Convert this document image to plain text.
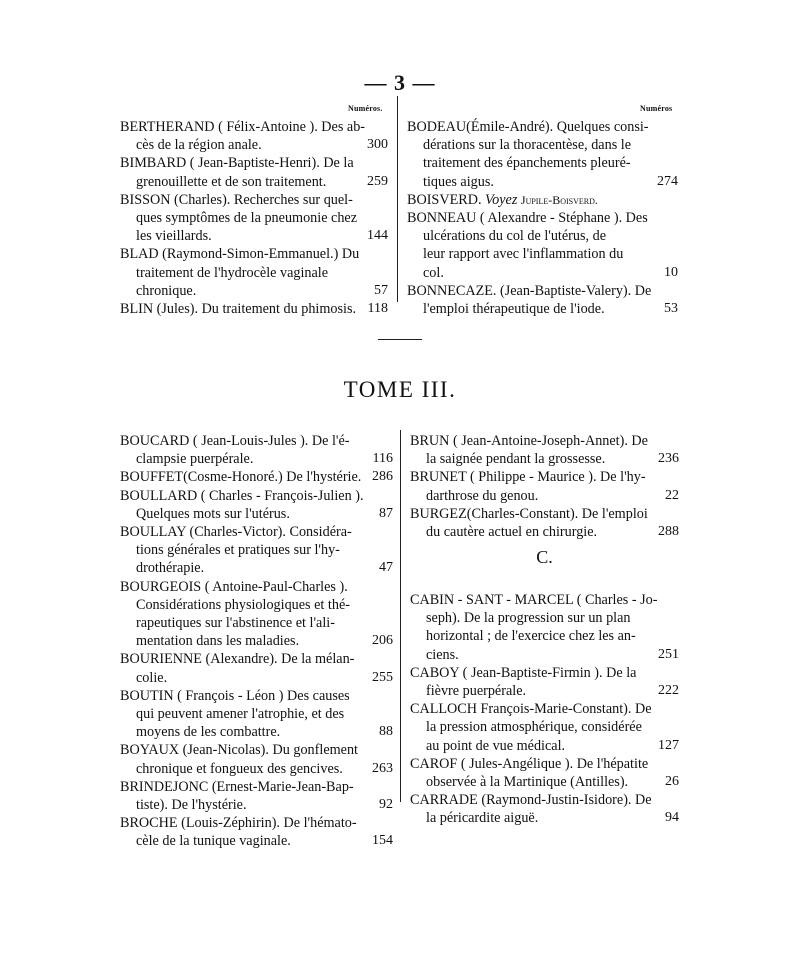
— 3 —
Numéros.	Numéros
BERTHERAND ( Félix-Antoine ). Des ab-
cès de la région anale.	300
BIMBARD ( Jean-Baptiste-Henri). De la
grenouillette et de son traitement.	259
BISSON (Charles). Recherches sur quel-
ques symptômes de la pneumonie chez
les vieillards.	144
BLAD (Raymond-Simon-Emmanuel.) Du
traitement de l'hydrocèle vaginale
chronique.	57
BLIN (Jules). Du traitement du phimosis. 118
BODEAU(Émile-André). Quelques consi-
dérations sur la thoracentèse, dans le
traitement des épanchements pleuré-
tiques aigus.	274
BOISVERD. Voyez Jupile-Boisverd.
BONNEAU ( Alexandre - Stéphane ). Des
ulcérations du col de l'utérus, de
leur rapport avec l'inflammation du
col.	10
BONNECAZE. (Jean-Baptiste-Valery). De
l'emploi thérapeutique de l'iode.	53
TOME III.
BOUCARD ( Jean-Louis-Jules ). De l'é-
clampsie puerpérale.	116
BOUFFET(Cosme-Honoré.) De l'hystérie. 286
BOULLARD ( Charles - François-Julien ).
Quelques mots sur l'utérus.	87
BOULLAY (Charles-Victor). Considéra-
tions générales et pratiques sur l'hy-
drothérapie.	47
BOURGEOIS ( Antoine-Paul-Charles ).
Considérations physiologiques et thé-
rapeutiques sur l'abstinence et l'ali-
mentation dans les maladies.	206
BOURIENNE (Alexandre). De la mélan-
colie.	255
BOUTIN ( François - Léon ) Des causes
qui peuvent amener l'atrophie, et des
moyens de les combattre.	88
BOYAUX (Jean-Nicolas). Du gonflement
chronique et fongueux des gencives.	263
BRINDEJONC (Ernest-Marie-Jean-Bap-
tiste). De l'hystérie.	92
BROCHE (Louis-Zéphirin). De l'hémato-
cèle de la tunique vaginale.	154
BRUN ( Jean-Antoine-Joseph-Annet). De
la saignée pendant la grossesse.	236
BRUNET ( Philippe - Maurice ). De l'hy-
darthrose du genou.	22
BURGEZ(Charles-Constant). De l'emploi
du cautère actuel en chirurgie.	288
C.
CABIN - SANT - MARCEL ( Charles - Jo-
seph). De la progression sur un plan
horizontal ; de l'exercice chez les an-
ciens.	251
CABOY ( Jean-Baptiste-Firmin ). De la
fièvre puerpérale.	222
CALLOCH François-Marie-Constant). De
la pression atmosphérique, considérée
au point de vue médical.	127
CAROF ( Jules-Angélique ). De l'hépatite
observée à la Martinique (Antilles).	26
CARRADE (Raymond-Justin-Isidore). De
la péricardite aiguë.	94
